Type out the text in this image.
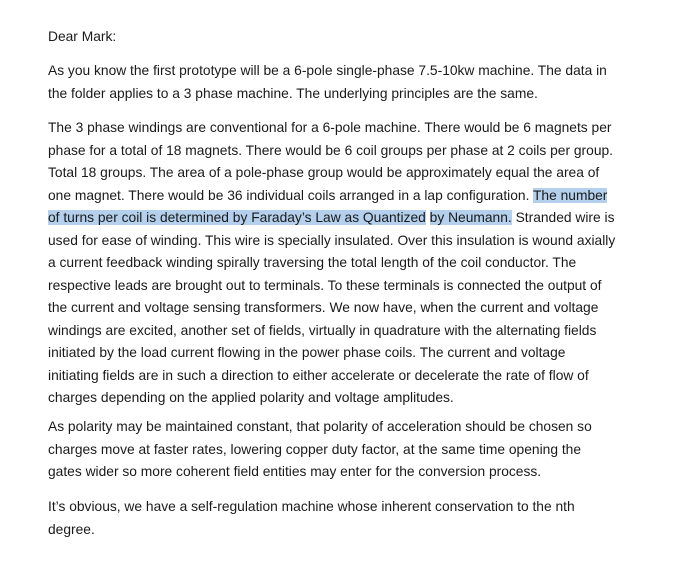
Dear Mark:

As you know the first prototype will be a 6-pole single-phase 7.5-10kw machine. The data in
the folder applies to a 3 phase machine. The underlying principles are the same.
The 3 phase windings are conventional for a 6-pole machine. There would be 6 magnets per
phase for a total of 18 magnets. There would be 6 coil groups per phase at 2 coils per group.
Total 18 groups. The area of a pole-phase group would be approximately equal the area of
one magnet. There would be 36 individual coils arranged in a lap configuration. The number
of turns per coil is determined by Faraday’s Law as Quantized by Neumann. Stranded wire is
used for ease of winding. This wire is specially insulated. Over this insulation is wound axially
a current feedback winding spirally traversing the total length of the coil conductor. The
respective leads are brought out to terminals. To these terminals is connected the output of
the current and voltage sensing transformers. We now have, when the current and voltage
windings are excited, another set of fields, virtually in quadrature with the alternating fields
initiated by the load current flowing in the power phase coils. The current and voltage
initiating fields are in such a direction to either accelerate or decelerate the rate of flow of
charges depending on the applied polarity and voltage amplitudes.
As polarity may be maintained constant, that polarity of acceleration should be chosen so
charges move at faster rates, lowering copper duty factor, at the same time opening the
gates wider so more coherent field entities may enter for the conversion process.
It’s obvious, we have a self-regulation machine whose inherent conservation to the nth
degree.
